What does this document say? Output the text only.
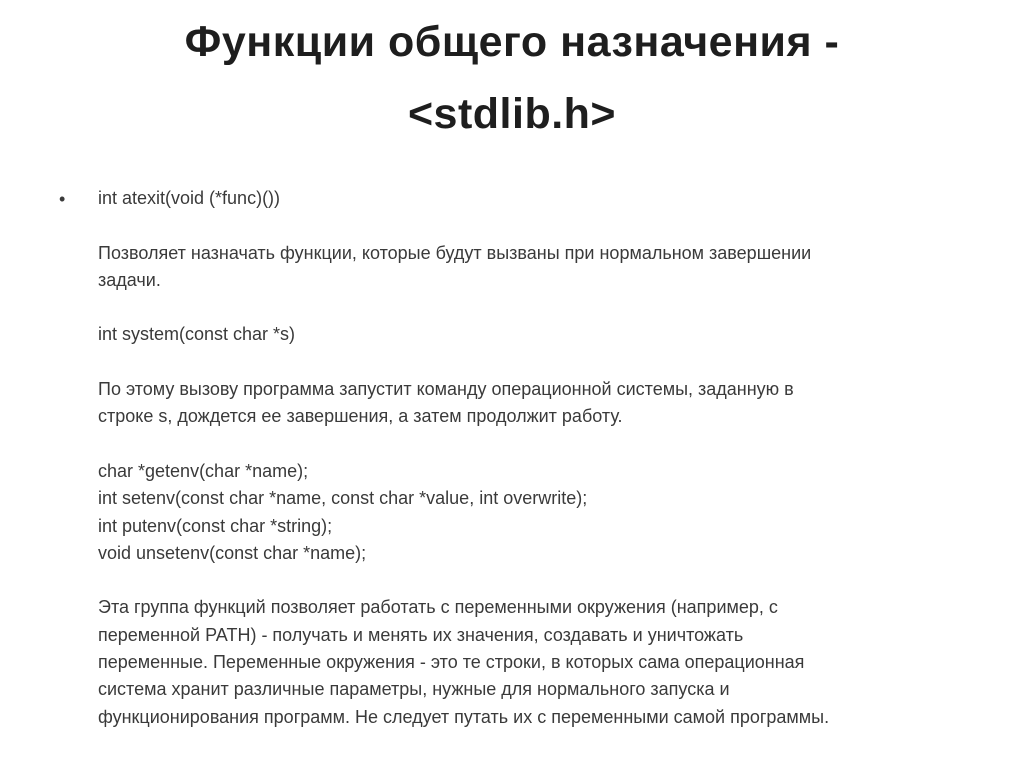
Функции общего назначения -
<stdlib.h>
• int atexit(void (*func)())

Позволяет назначать функции, которые будут вызваны при нормальном завершении

задачи.

int system(const char *s)

По этому вызову программа запустит команду операционной системы, заданную в

строке s, дождется ее завершения, а затем продолжит работу.

char *getenv(char *name);

int setenv(const char *name, const char *value, int overwrite);

int putenv(const char *string);

void unsetenv(const char *name);

Эта группа функций позволяет работать с переменными окружения (например, с

переменной PATH) - получать и менять их значения, создавать и уничтожать

переменные. Переменные окружения - это те строки, в которых сама операционная

система хранит различные параметры, нужные для нормального запуска и

функционирования программ. Не следует путать их с переменными самой программы.
